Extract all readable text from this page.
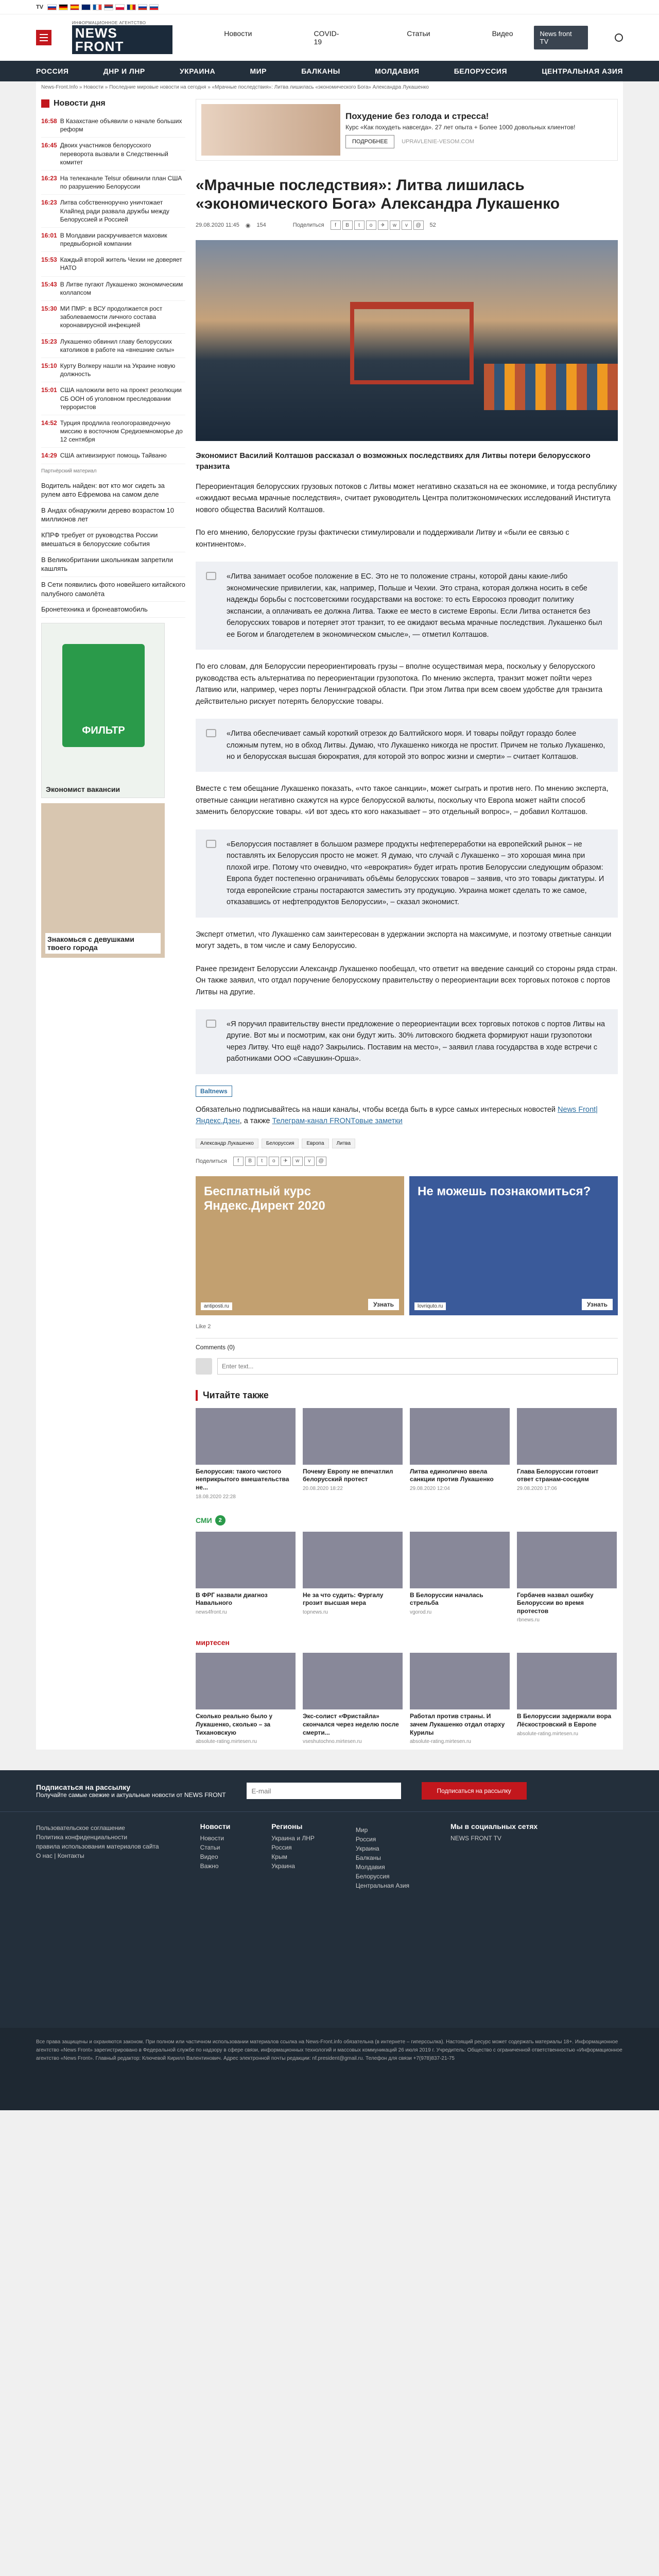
TV
ИНФОРМАЦИОННОЕ АГЕНТСТВО
NEWS FRONT
Новости	COVID-19
Статьи	Видео	News front TV
РОССИЯ	ДНР И ЛНР	УКРАИНА	МИР	БАЛКАНЫ	МОЛДАВИЯ	БЕЛОРУССИЯ	ЦЕНТРАЛЬНАЯ АЗИЯ
News-Front.Info » Новости » Последние мировые новости на сегодня » «Мрачные последствия»: Литва лишилась «экономического Бога» Александра Лукашенко
Новости дня
16:58 В Казахстане объявили о начале больших реформ
16:45 Двоих участников белорусского переворота вызвали в Следственный комитет
16:23 На телеканале Telsur обвинили план США по разрушению Белоруссии
16:23 Литва собственноручно уничтожает Клайпед ради развала дружбы между Белоруссией и Россией
16:01 В Молдавии раскручивается маховик предвыборной компании
15:53 Каждый второй житель Чехии не доверяет НАТО
15:43 В Литве пугают Лукашенко экономическим коллапсом
15:30 МИ ПМР: в ВСУ продолжается рост заболеваемости личного состава коронавирусной инфекцией
15:23 Лукашенко обвинил главу белорусских католиков в работе на «внешние силы»
15:10 Курту Волкеру нашли на Украине новую должность
15:01 США наложили вето на проект резолюции СБ ООН об уголовном преследовании террористов
14:52 Турция продлила геологоразведочную миссию в восточном Средиземноморье до 12 сентября
14:29 США активизируют помощь Тайваню
Партнёрский материал
Водитель найден: вот кто мог сидеть за рулем авто Ефремова на самом деле
В Андах обнаружили дерево возрастом 10 миллионов лет
КПРФ требует от руководства России вмешаться в белорусские события
В Великобритании школьникам запретили кашлять
В Сети появились фото новейшего китайского палубного самолёта
Бронетехника и бронеавтомобиль
ФИЛЬТР
Экономист вакансии
Знакомься с девушками твоего города
Похудение без голода и стресса!

Курс «Как похудеть навсегда». 27 лет опыта + Более 1000 довольных клиентов!

ПОДРОБНЕЕ UPRAVLENIE-VESOM.COM
«Мрачные последствия»: Литва лишилась «экономического Бога» Александра Лукашенко
29.08.2020 11:45 ◉ 154	Поделиться	f	B	t	o	✈	w	v	@	52

Экономист Василий Колташов рассказал о возможных последствиях для Литвы потери белорусского транзита

Переориентация белорусских грузовых потоков с Литвы может негативно сказаться на ее экономике, и тогда республику «ожидают весьма мрачные последствия», считает руководитель Центра политэкономических исследований Института нового общества Василий Колташов.

По его мнению, белорусские грузы фактически стимулировали и поддерживали Литву и «были ее связью с континентом».

«Литва занимает особое положение в ЕС. Это не то положение страны, которой даны какие-либо экономические привилегии, как, например, Польше и Чехии. Это страна, которая должна носить в себе надежды борьбы с постсоветскими государствами на востоке: то есть Евросоюз проводит политику экспансии, а оплачивать ее должна Литва. Также ее место в системе Европы. Если Литва останется без белорусских товаров и потеряет этот транзит, то ее ожидают весьма мрачные последствия. Лукашенко был ее Богом и благодетелем в экономическом смысле», — отметил Колташов.

По его словам, для Белоруссии переориентировать грузы – вполне осуществимая мера, поскольку у белорусского руководства есть альтернатива по переориентации грузопотока. По мнению эксперта, транзит может пойти через Латвию или, например, через порты Ленинградской области. При этом Литва при всем своем удобстве для транзита действительно рискует потерять белорусские товары.

«Литва обеспечивает самый короткий отрезок до Балтийского моря. И товары пойдут гораздо более сложным путем, но в обход Литвы. Думаю, что Лукашенко никогда не простит. Причем не только Лукашенко, но и белорусская высшая бюрократия, для которой это вопрос жизни и смерти» – считает Колташов.

Вместе с тем обещание Лукашенко показать, «что такое санкции», может сыграть и против него. По мнению эксперта, ответные санкции негативно скажутся на курсе белорусской валюты, поскольку что Европа может найти способ заменить белорусские товары. «И вот здесь кто кого наказывает – это отдельный вопрос», – добавил Колташов.

«Белоруссия поставляет в большом размере продукты нефтепереработки на европейский рынок – не поставлять их Белоруссия просто не может. Я думаю, что случай с Лукашенко – это хорошая мина при плохой игре. Потому что очевидно, что «еврократия» будет играть против Белоруссии следующим образом: Европа будет постепенно ограничивать объёмы белорусских товаров – заявив, что это товары диктатуры. И тогда европейские страны постараются заместить эту продукцию. Украина может сделать то же самое, отказавшись от нефтепродуктов Белоруссии», – сказал экономист.

Эксперт отметил, что Лукашенко сам заинтересован в удержании экспорта на максимуме, и поэтому ответные санкции могут задеть, в том числе и саму Белоруссию.

Ранее президент Белоруссии Александр Лукашенко пообещал, что ответит на введение санкций со стороны ряда стран. Он также заявил, что отдал поручение белорусскому правительству о переориентации всех торговых потоков с портов Литвы на другие.

«Я поручил правительству внести предложение о переориентации всех торговых потоков с портов Литвы на другие. Вот мы и посмотрим, как они будут жить. 30% литовского бюджета формируют наши грузопотоки через Литву. Что ещё надо? Закрылись. Поставим на место», – заявил глава государства в ходе встречи с работниками ООО «Савушкин-Орша».
Baltnews

Обязательно подписывайтесь на наши каналы, чтобы всегда быть в курсе самых интересных новостей News Front|Яндекс.Дзен, а также Телеграм-канал FRONTовые заметки

Александр Лукашенко	Белоруссия	Европа	Литва
Поделиться	f	B	t	o	✈	w	v	@
Бесплатный курс Яндекс.Директ 2020
antiposti.ru	Узнать
Не можешь познакомиться?
lovriquto.ru	Узнать
Like 2
Comments (0)
Enter text...
Читайте также
Белоруссия: такого чистого неприкрытого вмешательства не...
18.08.2020 22:28
Почему Европу не впечатлил белорусский протест
20.08.2020 18:22
Литва единолично ввела санкции против Лукашенко
29.08.2020 12:04
Глава Белоруссии готовит ответ странам-соседям
29.08.2020 17:06
СМИ	2
В ФРГ назвали диагноз Навального
news4front.ru
Не за что судить: Фургалу грозит высшая мера
topnews.ru
В Белоруссии началась стрельба
vgorod.ru
Горбачев назвал ошибку Белоруссии во время протестов
rbnews.ru
миртесен
Сколько реально было у Лукашенко, сколько – за Тихановскую
absolute-rating.mirtesen.ru
Экс-солист «Фристайла» скончался через неделю после смерти...
vseshutochno.mirtesen.ru
Работал против страны. И зачем Лукашенко отдал отарху Курилы
absolute-rating.mirtesen.ru
В Белоруссии задержали вора Лёскостровский в Европе
absolute-rating.mirtesen.ru
Подписаться на рассылку
Получайте самые свежие и актуальные новости от NEWS FRONT
E-mail
Подписаться на рассылку
Пользовательское соглашение
Политика конфиденциальности
правила использования материалов сайта
О нас | Контакты
Новости
Новости
Статьи
Видео
Важно
Регионы
Украина и ЛНР
Россия
Крым
Украина
Мир
Россия
Украина
Балканы
Молдавия
Белоруссия
Центральная Азия
Мы в социальных сетях
NEWS FRONT TV
Все права защищены и охраняются законом. При полном или частичном использовании материалов ссылка на News-Front.info обязательна (в интернете – гиперссылка). Настоящий ресурс может содержать материалы 18+. Информационное агентство «News Front» зарегистрировано в Федеральной службе по надзору в сфере связи, информационных технологий и массовых коммуникаций 26 июля 2019 г. Учредитель: Общество с ограниченной ответственностью «Информационное агентство «News Front». Главный редактор: Ключевой Кирилл Валентинович. Адрес электронной почты редакции: nf.president@gmail.ru. Телефон для связи +7(978)837-21-75
